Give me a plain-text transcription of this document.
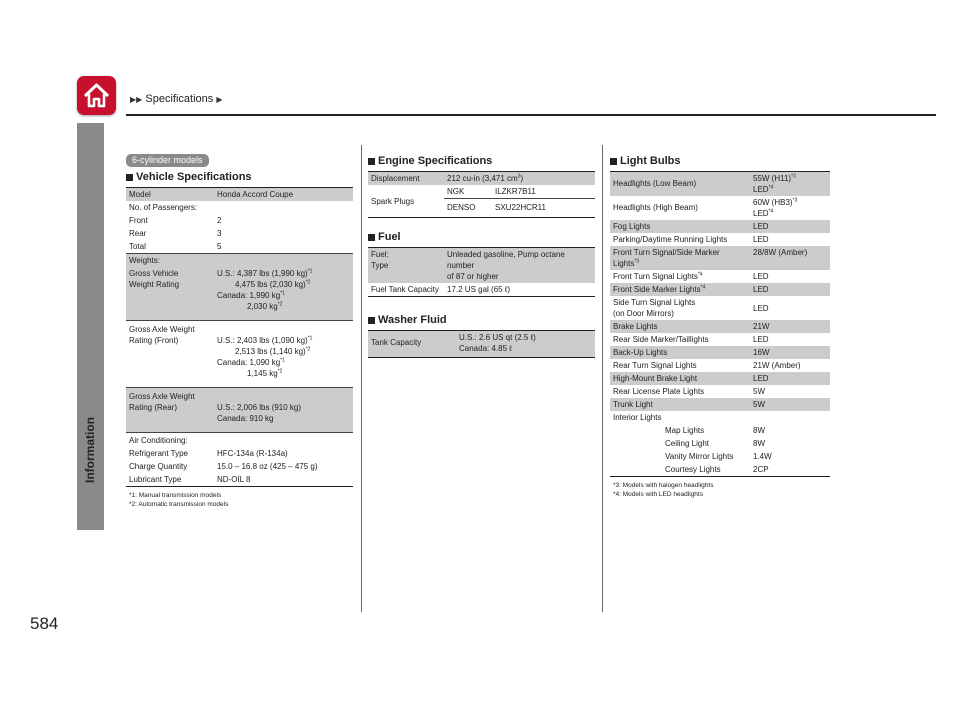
▶▶ Specifications ▶
Information
584
6-cylinder models
Vehicle Specifications
Model	Honda Accord Coupe
No. of Passengers:	
Front	2
Rear	3
Total	5
Weights:	
Gross Vehicle
Weight Rating	U.S.: 4,387 lbs (1,990 kg)$^{*1}$
4,475 lbs (2,030 kg)$^{*2}$
Canada: 1,990 $kg^{*1}$
2,030 $kg^{*2}$
Gross Axle Weight
Rating (Front)	U.S.: 2,403 lbs (1,090 kg)$^{*1}$
2,513 lbs (1,140 kg)$^{*2}$
Canada: 1,090 $kg^{*1}$
1,145 $kg^{*2}$
Gross Axle Weight
Rating (Rear)	U.S.: 2,006 lbs (910 kg)
Canada: 910 kg
Air Conditioning:	
Refrigerant Type	HFC-134a (R-134a)
Charge Quantity	15.0 – 16.8 oz (425 – 475 g)
Lubricant Type	ND-OIL 8
*1: Manual transmission models
*2: Automatic transmission models
Engine Specifications
Displacement	212 cu-in (3,471 $cm^3$)	
Spark Plugs	NGK	ILZKR7B11
	DENSO	SXU22HCR11
Fuel
Fuel:
Type	Unleaded gasoline, Pump octane number
of 87 or higher
Fuel Tank Capacity	17.2 US gal (65 ℓ)
Washer Fluid
Tank Capacity	U.S.: 2.6 US qt (2.5 ℓ)
Canada: 4.85 ℓ
Light Bulbs
Headlights (Low Beam)	55W $(H11)^{*3}$
LED$^{*4}$
Headlights (High Beam)	60W $(HB3)^{*3}$
LED$^{*4}$
Fog Lights	LED
Parking/Daytime Running Lights	LED
Front Turn Signal/Side Marker Lights$^{*3}$	28/8W (Amber)
Front Turn Signal Lights$^{*4}$	LED
Front Side Marker Lights$^{*4}$	LED
Side Turn Signal Lights
(on Door Mirrors)	LED
Brake Lights	21W
Rear Side Marker/Taillights	LED
Back-Up Lights	16W
Rear Turn Signal Lights	21W (Amber)
High-Mount Brake Light	LED
Rear License Plate Lights	5W
Trunk Light	5W
Interior Lights	
Map Lights	8W
Ceiling Light	8W
Vanity Mirror Lights	1.4W
Courtesy Lights	2CP
*3: Models with halogen headlights
*4: Models with LED headlights
